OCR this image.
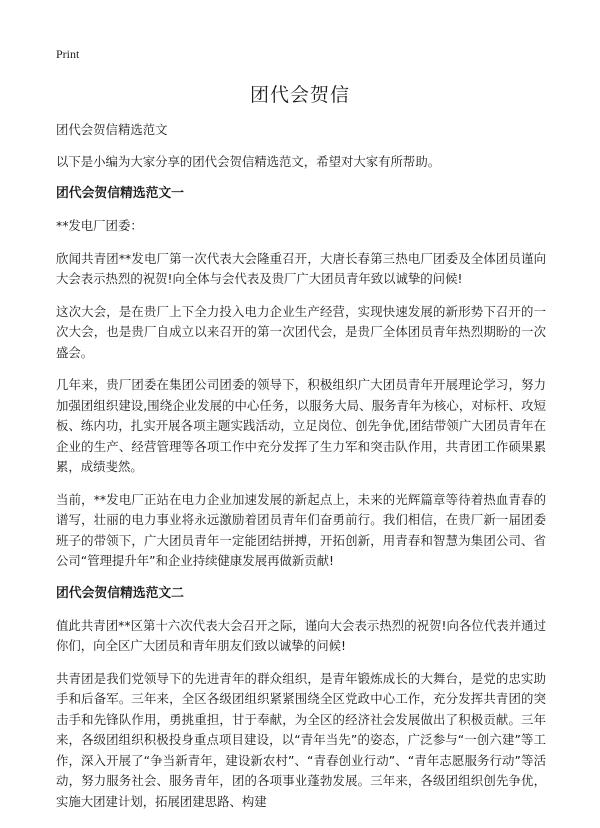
Print
团代会贺信

团代会贺信精选范文

以下是小编为大家分享的团代会贺信精选范文，希望对大家有所帮助。

团代会贺信精选范文一

**发电厂团委：

欣闻共青团**发电厂第一次代表大会隆重召开，大唐长春第三热电厂团委及全体团员谨向大会表示热烈的祝贺!向全体与会代表及贵厂广大团员青年致以诚挚的问候!

这次大会，是在贵厂上下全力投入电力企业生产经营，实现快速发展的新形势下召开的一次大会，也是贵厂自成立以来召开的第一次团代会，是贵厂全体团员青年热烈期盼的一次盛会。

几年来，贵厂团委在集团公司团委的领导下，积极组织广大团员青年开展理论学习，努力加强团组织建设,围绕企业发展的中心任务，以服务大局、服务青年为核心，对标杆、攻短板、练内功，扎实开展各项主题实践活动，立足岗位、创先争优,团结带领广大团员青年在企业的生产、经营管理等各项工作中充分发挥了生力军和突击队作用，共青团工作硕果累累，成绩斐然。

当前，**发电厂正站在电力企业加速发展的新起点上，未来的光辉篇章等待着热血青春的谱写，壮丽的电力事业将永远激励着团员青年们奋勇前行。我们相信，在贵厂新一届团委班子的带领下，广大团员青年一定能团结拼搏，开拓创新，用青春和智慧为集团公司、省公司“管理提升年”和企业持续健康发展再做新贡献!

团代会贺信精选范文二

值此共青团**区第十六次代表大会召开之际，谨向大会表示热烈的祝贺!向各位代表并通过你们，向全区广大团员和青年朋友们致以诚挚的问候!

共青团是我们党领导下的先进青年的群众组织，是青年锻炼成长的大舞台，是党的忠实助手和后备军。三年来，全区各级团组织紧紧围绕全区党政中心工作，充分发挥共青团的突击手和先锋队作用，勇挑重担，甘于奉献，为全区的经济社会发展做出了积极贡献。三年来，各级团组织积极投身重点项目建设，以“青年当先”的姿态，广泛参与“一创六建”等工作，深入开展了“争当新青年，建设新农村”、“青春创业行动”、“青年志愿服务行动”等活动，努力服务社会、服务青年，团的各项事业蓬勃发展。三年来，各级团组织创先争优，实施大团建计划，拓展团建思路、构建
